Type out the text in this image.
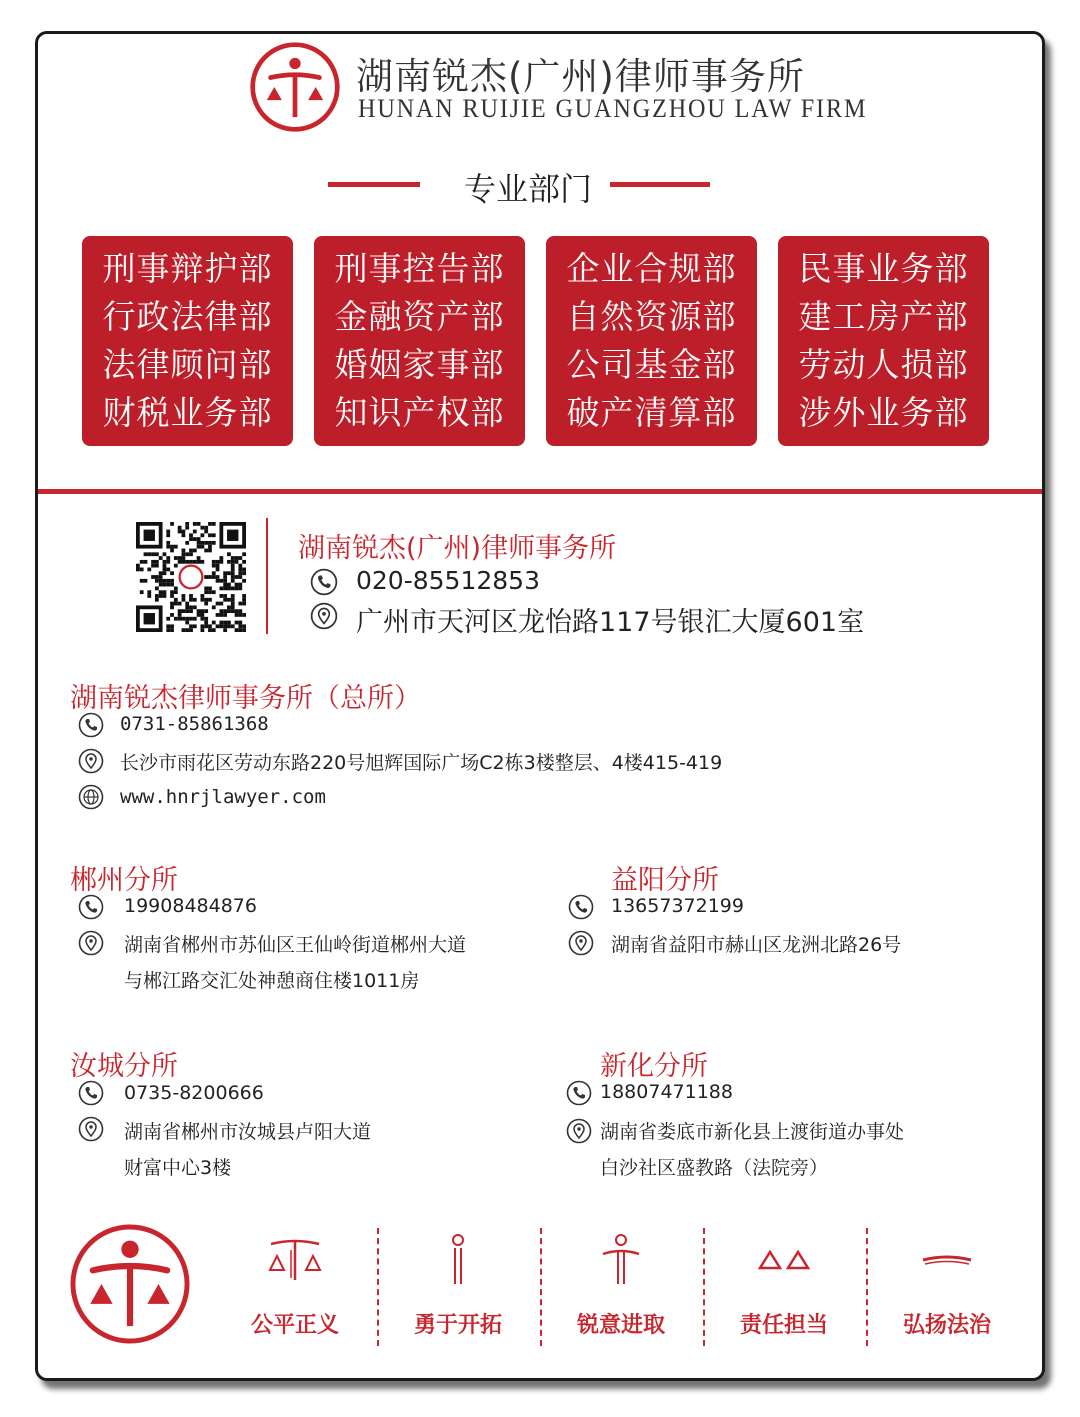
湖南锐杰(广州)律师事务所
HUNAN RUIJIE GUANGZHOU LAW FIRM
专业部门
刑事辩护部
行政法律部
法律顾问部
财税业务部
刑事控告部
金融资产部
婚姻家事部
知识产权部
企业合规部
自然资源部
公司基金部
破产清算部
民事业务部
建工房产部
劳动人损部
涉外业务部
湖南锐杰(广州)律师事务所
020-85512853
广州市天河区龙怡路117号银汇大厦601室
湖南锐杰律师事务所（总所）
0731-85861368
长沙市雨花区劳动东路220号旭辉国际广场C2栋3楼整层、4楼415-419
www.hnrjlawyer.com
郴州分所
19908484876
湖南省郴州市苏仙区王仙岭街道郴州大道
与郴江路交汇处神憩商住楼1011房
益阳分所
13657372199
湖南省益阳市赫山区龙洲北路26号
汝城分所
0735-8200666
湖南省郴州市汝城县卢阳大道
财富中心3楼
新化分所
18807471188
湖南省娄底市新化县上渡街道办事处
白沙社区盛教路（法院旁）
公平正义	勇于开拓	锐意进取	责任担当	弘扬法治
